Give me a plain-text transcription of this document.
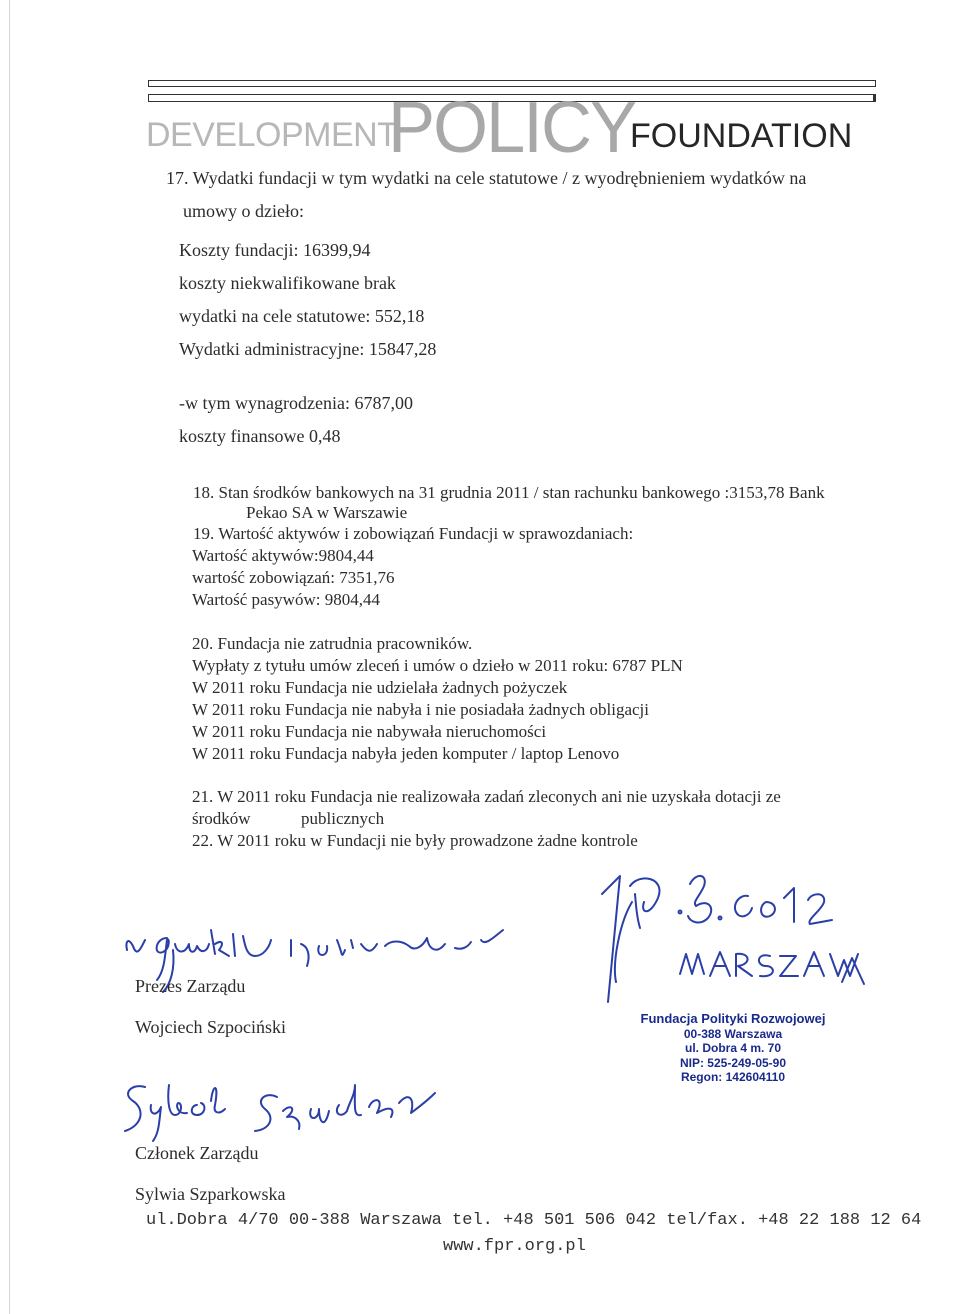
DEVELOPMENT
POLICY
FOUNDATION
17. Wydatki fundacji w tym wydatki na cele statutowe / z wyodrębnieniem wydatków na
umowy o dzieło:
Koszty fundacji: 16399,94
koszty niekwalifikowane brak
wydatki na cele statutowe: 552,18
Wydatki administracyjne: 15847,28
-w tym wynagrodzenia: 6787,00
koszty finansowe 0,48
18. Stan środków bankowych na 31 grudnia 2011 / stan rachunku bankowego :3153,78 Bank
Pekao SA w Warszawie
19. Wartość aktywów i zobowiązań Fundacji w sprawozdaniach:
Wartość aktywów:9804,44
wartość zobowiązań: 7351,76
Wartość pasywów: 9804,44
20. Fundacja nie zatrudnia pracowników.
Wypłaty z tytułu umów zleceń i umów o dzieło w 2011 roku: 6787 PLN
W 2011 roku Fundacja nie udzielała żadnych pożyczek
W 2011 roku Fundacja nie nabyła i nie posiadała żadnych obligacji
W 2011 roku Fundacja nie nabywała nieruchomości
W 2011 roku Fundacja nabyła jeden komputer / laptop Lenovo
21. W 2011 roku Fundacja nie realizowała zadań zleconych ani nie uzyskała dotacji ze
środków	publicznych
22. W 2011 roku w Fundacji nie były prowadzone żadne kontrole
Prezes Zarządu
Wojciech Szpociński	Fundacja Polityki Rozwojowej
00-388 Warszawa
ul. Dobra 4 m. 70
NIP: 525-249-05-90
Regon: 142604110
Członek Zarządu
Sylwia Szparkowska
ul.Dobra 4/70 00-388 Warszawa tel. +48 501 506 042 tel/fax. +48 22 188 12 64
www.fpr.org.pl
